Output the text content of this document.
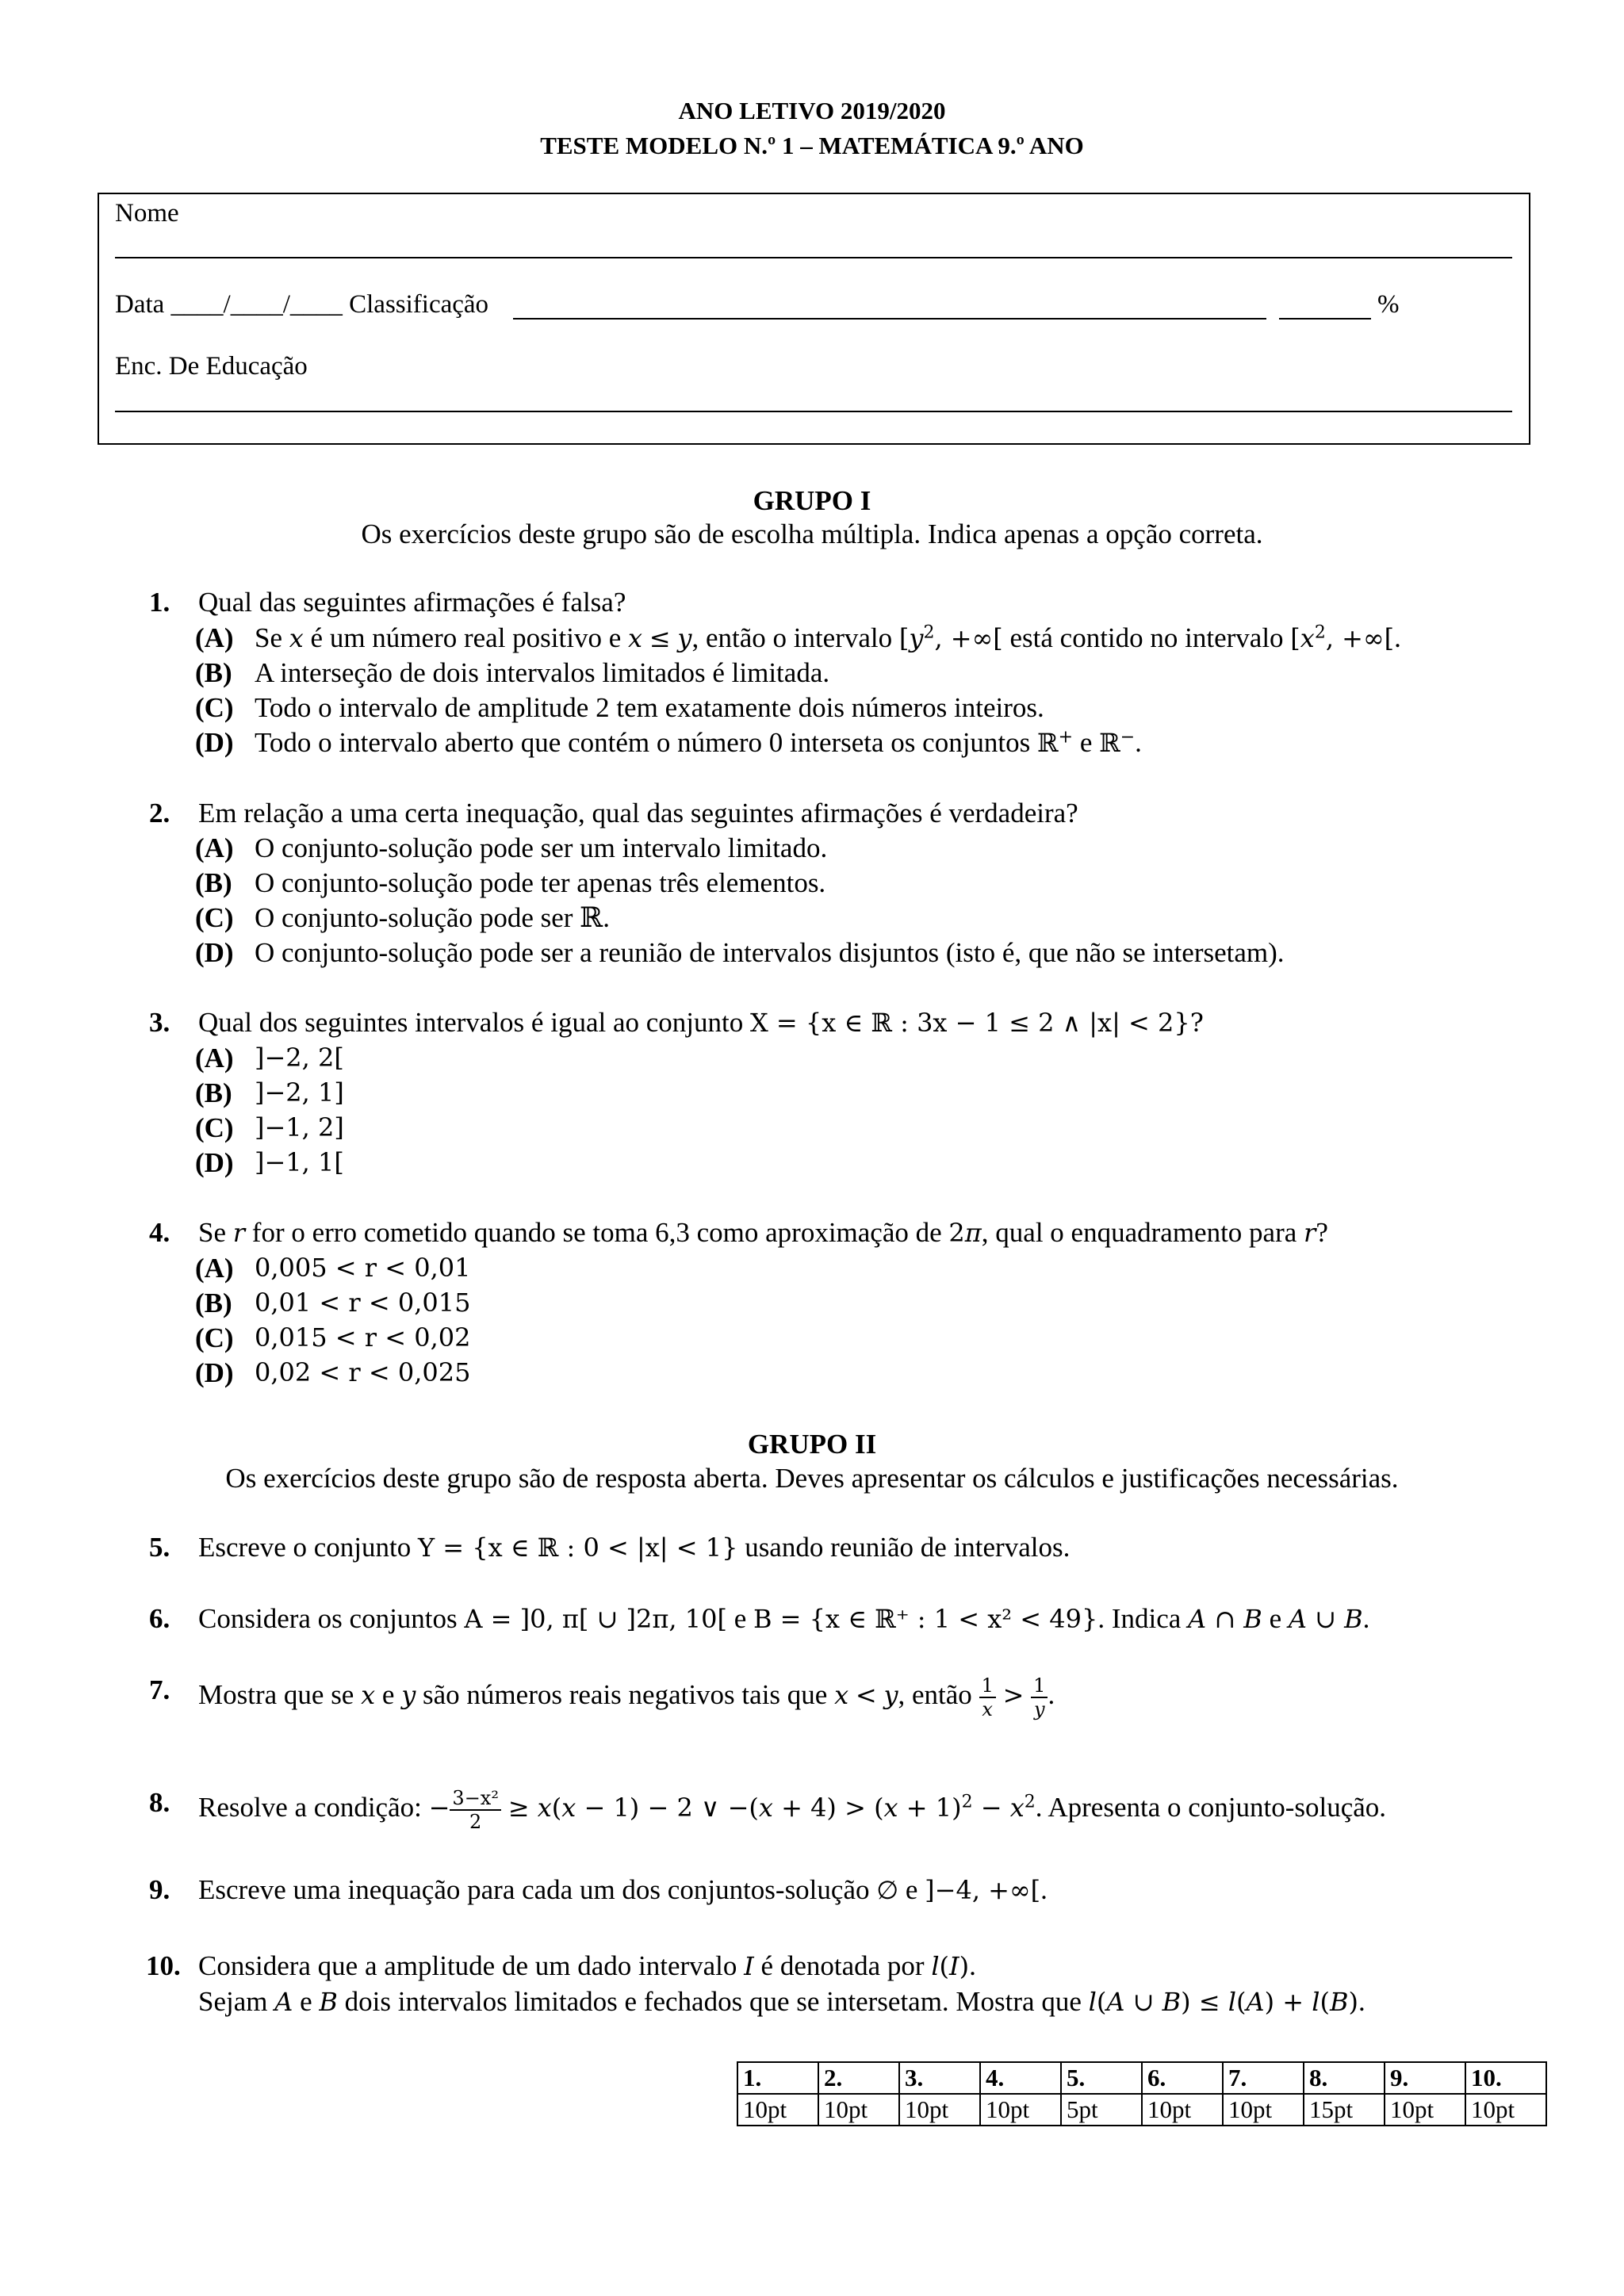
ANO LETIVO 2019/2020
TESTE MODELO N.º 1 – MATEMÁTICA 9.º ANO
Nome
Data ____/____/____ Classificação	%
Enc. De Educação
GRUPO I
Os exercícios deste grupo são de escolha múltipla. Indica apenas a opção correta.
1. Qual das seguintes afirmações é falsa?
(A) Se x é um número real positivo e x ≤ y, então o intervalo [$y^2$, +∞[ está contido no intervalo [$x^2$, +∞[.
(B) A interseção de dois intervalos limitados é limitada.
(C) Todo o intervalo de amplitude 2 tem exatamente dois números inteiros.
(D) Todo o intervalo aberto que contém o número 0 interseta os conjuntos ℝ+ e ℝ−.
2. Em relação a uma certa inequação, qual das seguintes afirmações é verdadeira?
(A) O conjunto-solução pode ser um intervalo limitado.
(B) O conjunto-solução pode ter apenas três elementos.
(C) O conjunto-solução pode ser ℝ.
(D) O conjunto-solução pode ser a reunião de intervalos disjuntos (isto é, que não se intersetam).
3. Qual dos seguintes intervalos é igual ao conjunto X = {x ∈ ℝ : 3x − 1 ≤ 2 ∧ |x| < 2}?
(A) ]−2, 2[
(B) ]−2, 1]
(C) ]−1, 2]
(D) ]−1, 1[
4. Se r for o erro cometido quando se toma 6,3 como aproximação de 2π, qual o enquadramento para r?
(A) 0,005 < r < 0,01
(B) 0,01 < r < 0,015
(C) 0,015 < r < 0,02
(D) 0,02 < r < 0,025
GRUPO II
Os exercícios deste grupo são de resposta aberta. Deves apresentar os cálculos e justificações necessárias.
5. Escreve o conjunto Y = {x ∈ ℝ : 0 < |x| < 1} usando reunião de intervalos.
6. Considera os conjuntos A = ]0, π[ ∪ ]2π, 10[ e B = {x ∈ ℝ⁺ : 1 < x² < 49}. Indica A ∩ B e A ∪ B.
7. Mostra que se x e y são números reais negativos tais que x < y, então $\frac{1}{x} > \frac{1}{y}$ .
8. Resolve a condição: − $\frac{\text{3−x²}}{2} \ge x(x - 1) - 2$ ∨ $-(x + 4) > (x + 1)^2 - x^2$. Apresenta o conjunto-solução.
9. Escreve uma inequação para cada um dos conjuntos-solução ∅ e ]−4, +∞[.
10. Considera que a amplitude de um dado intervalo I é denotada por l(I).
Sejam A e B dois intervalos limitados e fechados que se intersetam. Mostra que l(A ∪ B) ≤ l(A) + l(B).
1.	2.	3.	4.	5.	6.	7.	8.	9.	10.
10pt	10pt	10pt	10pt	5pt	10pt	10pt	15pt	10pt	10pt
